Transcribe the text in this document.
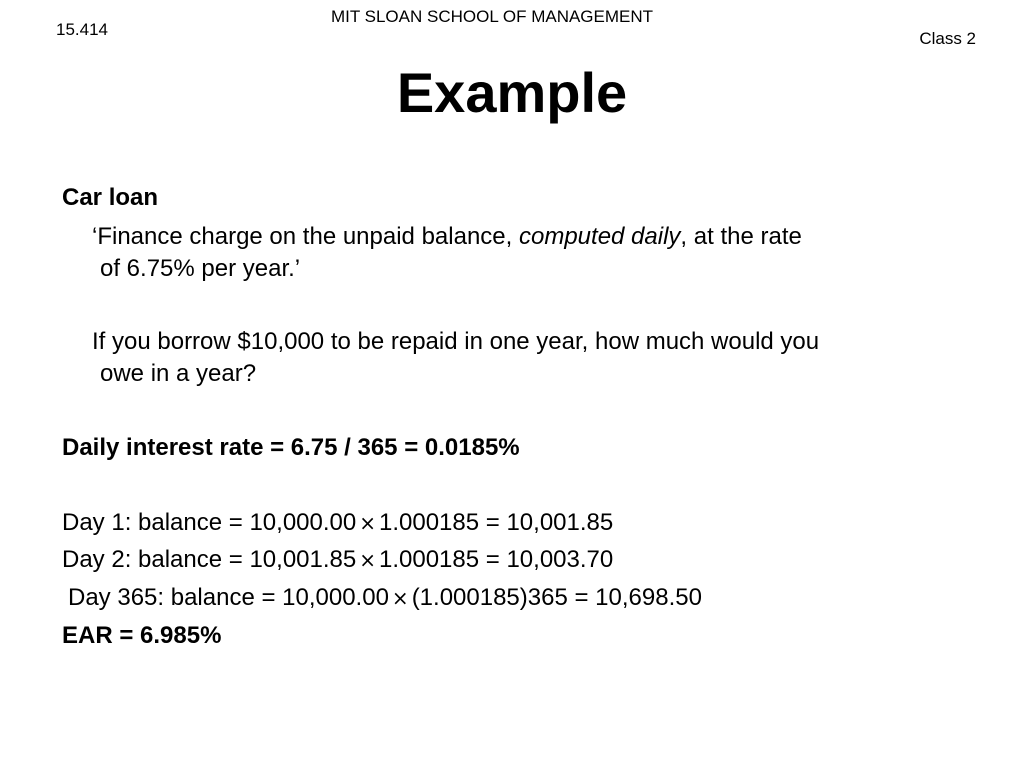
15.414
MIT SLOAN SCHOOL OF MANAGEMENT
Class 2
Example
Car loan
‘Finance charge on the unpaid balance, computed daily, at the rate
of 6.75% per year.’
If you borrow $10,000 to be repaid in one year, how much would you
owe in a year?
Daily interest rate = 6.75 / 365 = 0.0185%
Day 1: balance = 10,000.00 × 1.000185 = 10,001.85
Day 2: balance = 10,001.85 × 1.000185 = 10,003.70
Day 365: balance = 10,000.00 × (1.000185)365 = 10,698.50
EAR = 6.985%
